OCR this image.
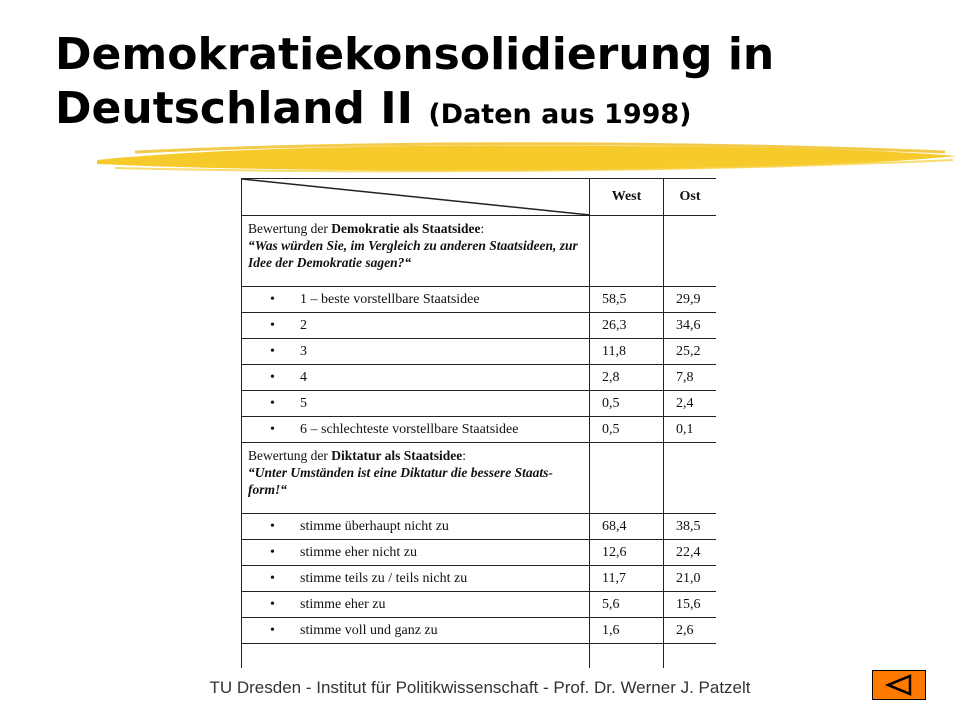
Demokratiekonsolidierung in
Deutschland II (Daten aus 1998)
	West	Ost
Bewertung der Demokratie als Staatsidee:
“Was würden Sie, im Vergleich zu anderen Staatsideen, zur Idee der Demokratie sagen?“		
• 1 – beste vorstellbare Staatsidee	58,5	29,9
• 2	26,3	34,6
• 3	11,8	25,2
• 4	2,8	7,8
• 5	0,5	2,4
• 6 – schlechteste vorstellbare Staatsidee	0,5	0,1
Bewertung der Diktatur als Staatsidee:
“Unter Umständen ist eine Diktatur die bessere Staats-form!“		
• stimme überhaupt nicht zu	68,4	38,5
• stimme eher nicht zu	12,6	22,4
• stimme teils zu / teils nicht zu	11,7	21,0
• stimme eher zu	5,6	15,6
• stimme voll und ganz zu	1,6	2,6

TU Dresden - Institut für Politikwissenschaft - Prof. Dr. Werner J. Patzelt
